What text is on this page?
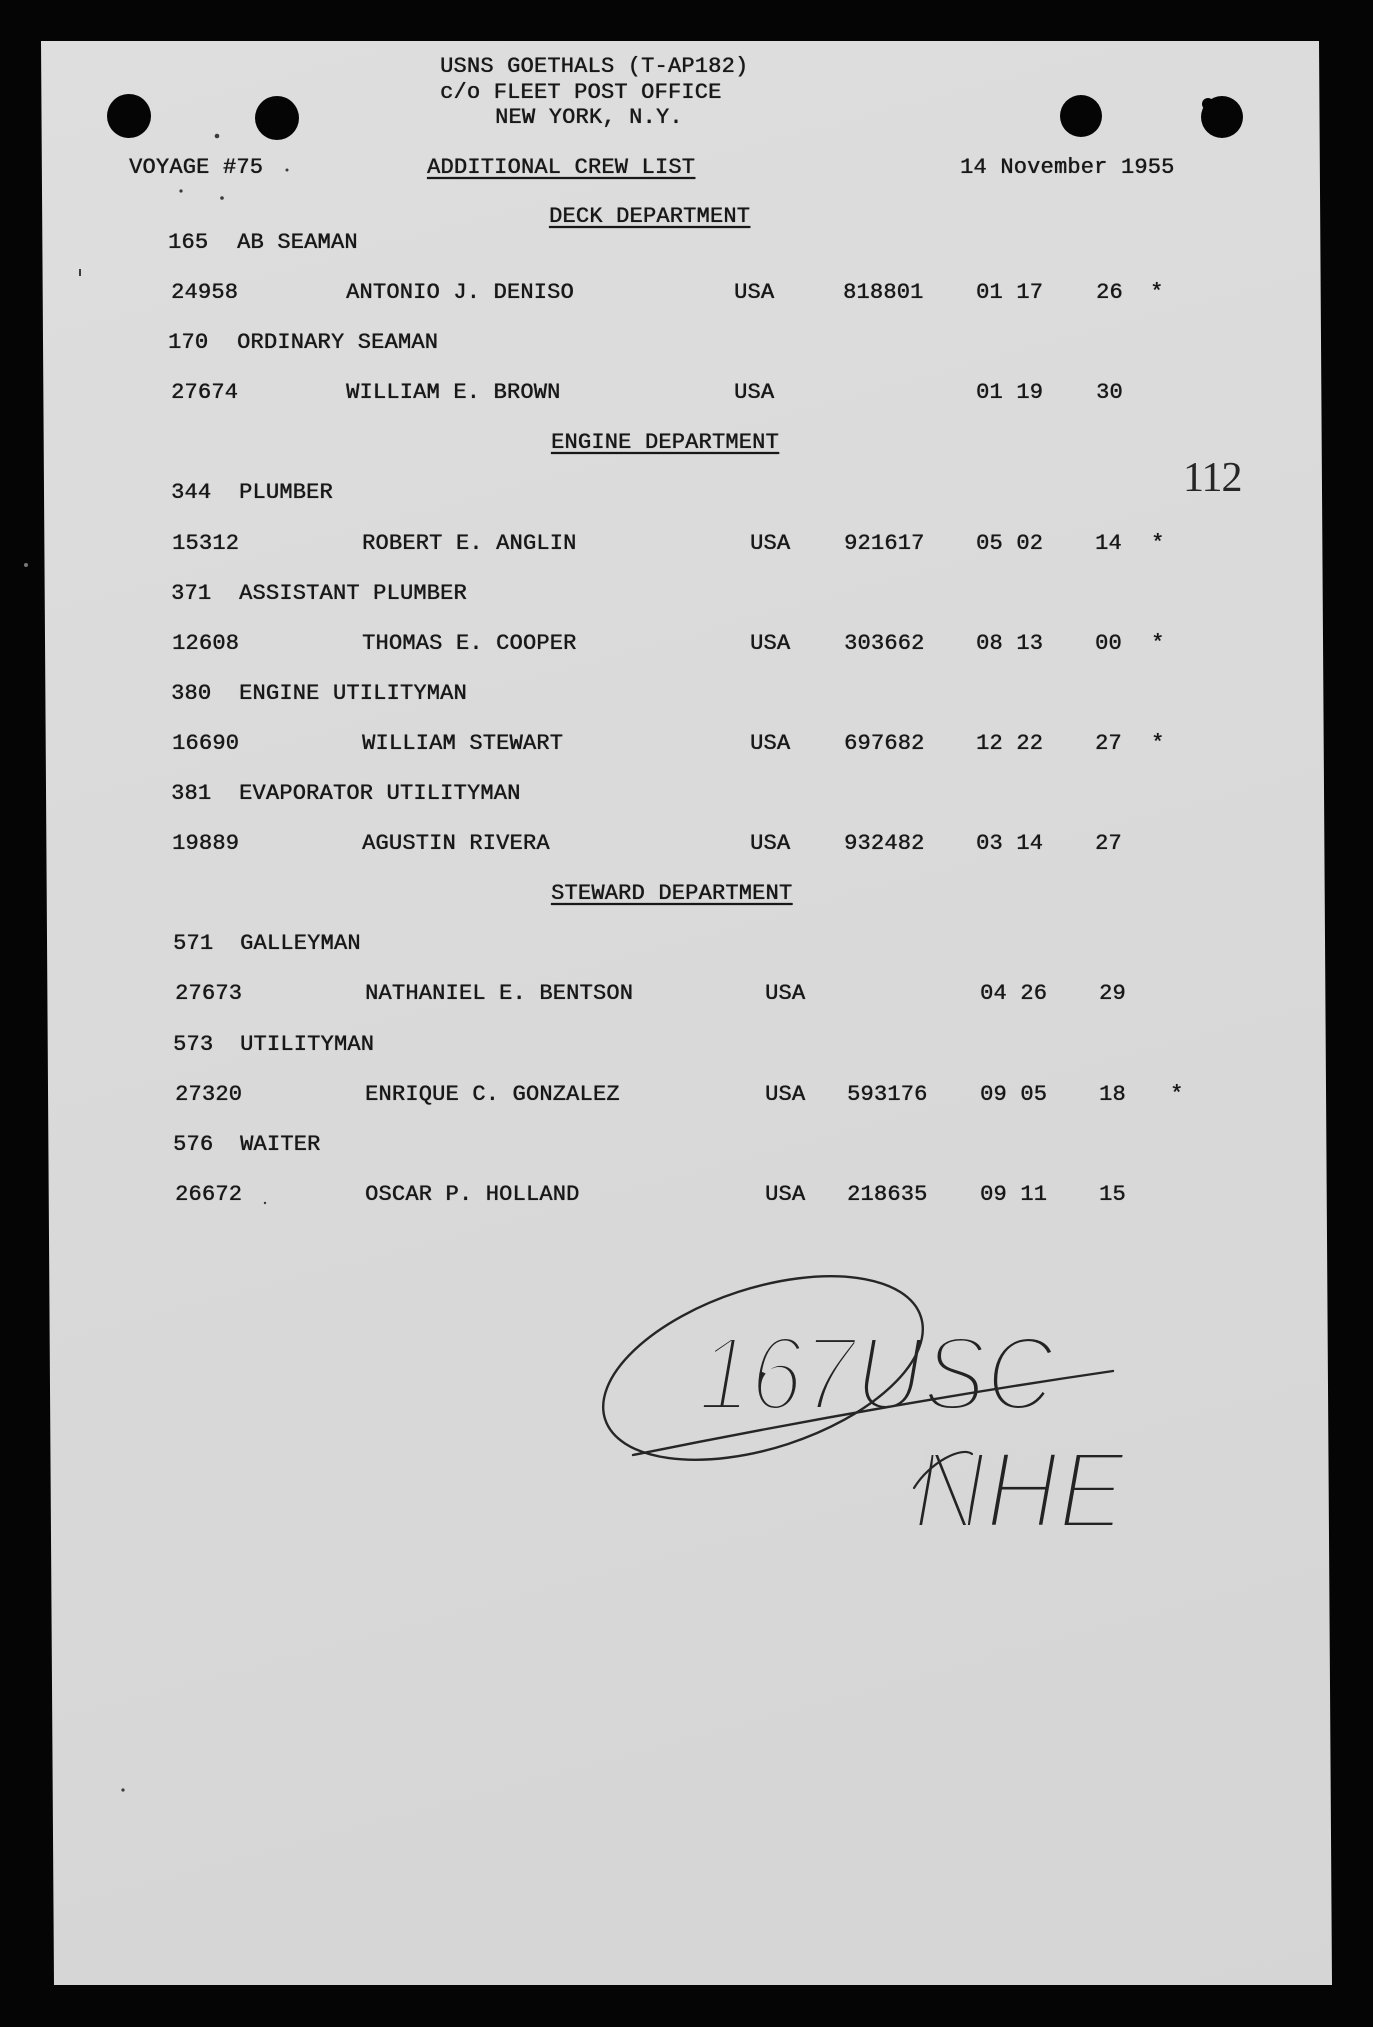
USNS GOETHALS (T-AP182)
c/o FLEET POST OFFICE
NEW YORK, N.Y.
VOYAGE #75	ADDITIONAL CREW LIST	14 November 1955
112
DECK DEPARTMENT
165 AB SEAMAN
24958	ANTONIO J. DENISO	USA	818801 01 17 26 *
170 ORDINARY SEAMAN
27674	WILLIAM E. BROWN	USA	01 19 30
ENGINE DEPARTMENT
344 PLUMBER
15312	ROBERT E. ANGLIN	USA 921617 05 02 14 *
371 ASSISTANT PLUMBER
12608	THOMAS E. COOPER	USA 303662 08 13 00 *
380 ENGINE UTILITYMAN
16690	WILLIAM STEWART	USA 697682 12 22 27 *
381 EVAPORATOR UTILITYMAN
19889	AGUSTIN RIVERA	USA 932482 03 14 27
STEWARD DEPARTMENT
571 GALLEYMAN
27673	NATHANIEL E. BENTSON	USA	04 26 29
573 UTILITYMAN
27320	ENRIQUE C. GONZALEZ	USA 593176 09 05 18 *
576 WAITER
26672	OSCAR P. HOLLAND	USA 218635 09 11 15
167USC
NHE
